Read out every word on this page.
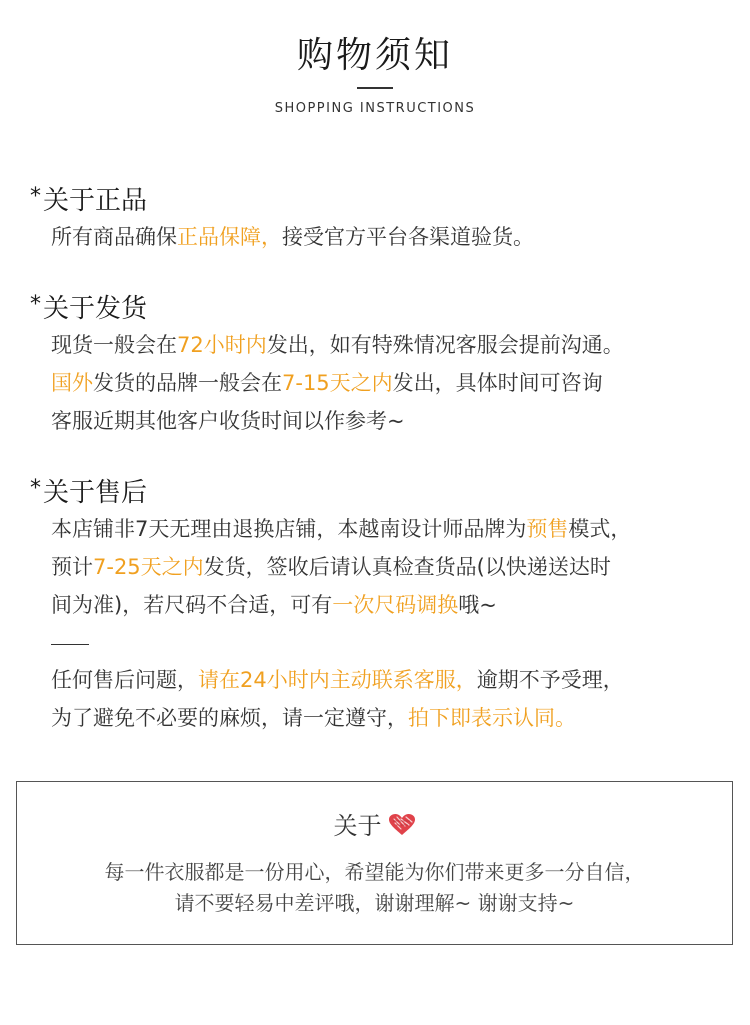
购物须知
SHOPPING INSTRUCTIONS
*关于正品
所有商品确保正品保障，接受官方平台各渠道验货。
*关于发货
现货一般会在72小时内发出，如有特殊情况客服会提前沟通。
国外发货的品牌一般会在7-15天之内发出，具体时间可咨询
客服近期其他客户收货时间以作参考~
*关于售后
本店铺非7天无理由退换店铺，本越南设计师品牌为预售模式，
预计7-25天之内发货，签收后请认真检查货品(以快递送达时
间为准)，若尺码不合适，可有一次尺码调换哦~
任何售后问题，请在24小时内主动联系客服，逾期不予受理，
为了避免不必要的麻烦，请一定遵守，拍下即表示认同。
关于
每一件衣服都是一份用心，希望能为你们带来更多一分自信，
请不要轻易中差评哦，谢谢理解~ 谢谢支持~
